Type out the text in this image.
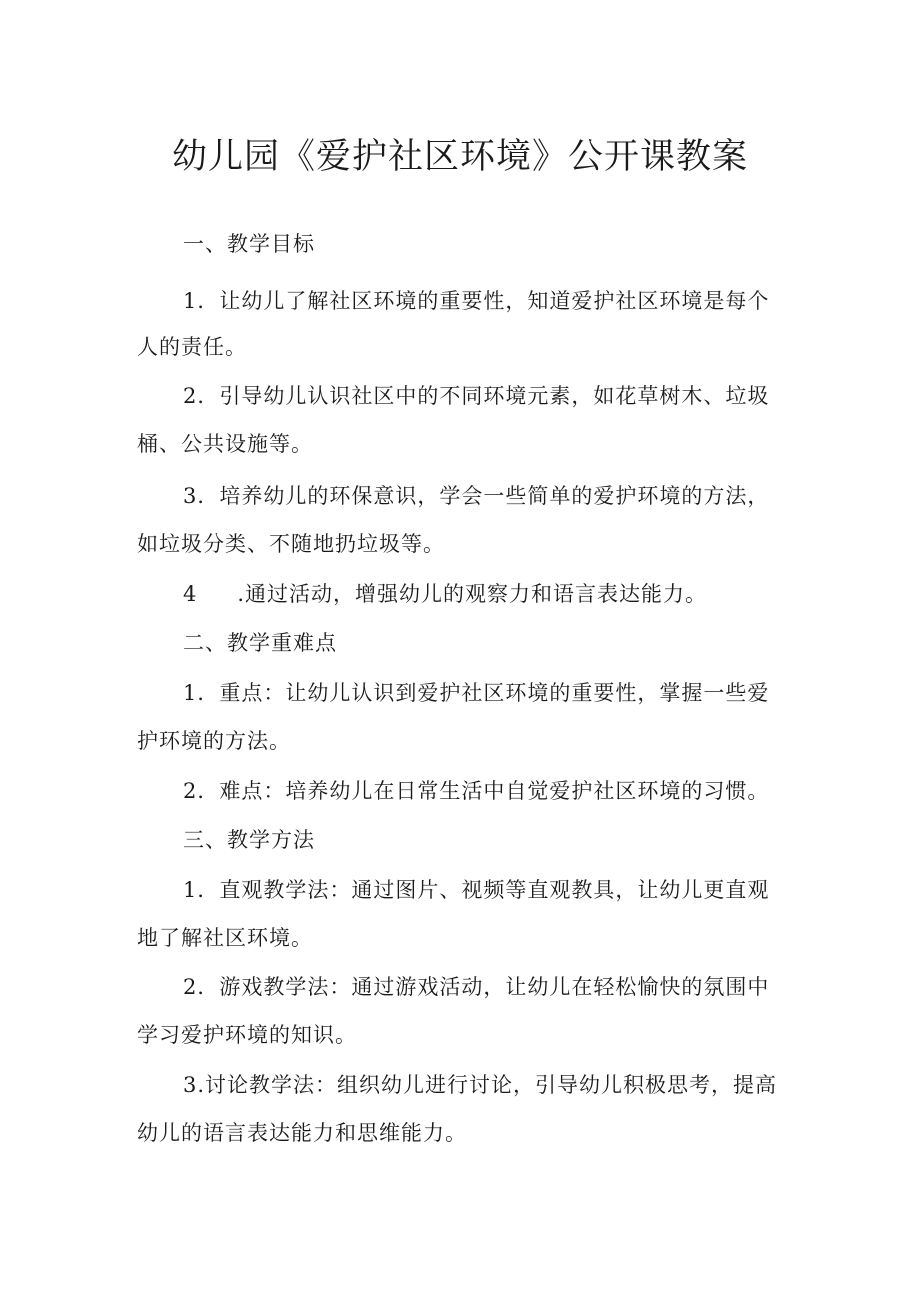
幼儿园《爱护社区环境》公开课教案

一、教学目标

1．让幼儿了解社区环境的重要性，知道爱护社区环境是每个

人的责任。

2．引导幼儿认识社区中的不同环境元素，如花草树木、垃圾

桶、公共设施等。

3．培养幼儿的环保意识，学会一些简单的爱护环境的方法，

如垃圾分类、不随地扔垃圾等。

4 .通过活动，增强幼儿的观察力和语言表达能力。

二、教学重难点

1．重点：让幼儿认识到爱护社区环境的重要性，掌握一些爱

护环境的方法。

2．难点：培养幼儿在日常生活中自觉爱护社区环境的习惯。

三、教学方法

1．直观教学法：通过图片、视频等直观教具，让幼儿更直观

地了解社区环境。

2．游戏教学法：通过游戏活动，让幼儿在轻松愉快的氛围中

学习爱护环境的知识。

3.讨论教学法：组织幼儿进行讨论，引导幼儿积极思考，提高

幼儿的语言表达能力和思维能力。
